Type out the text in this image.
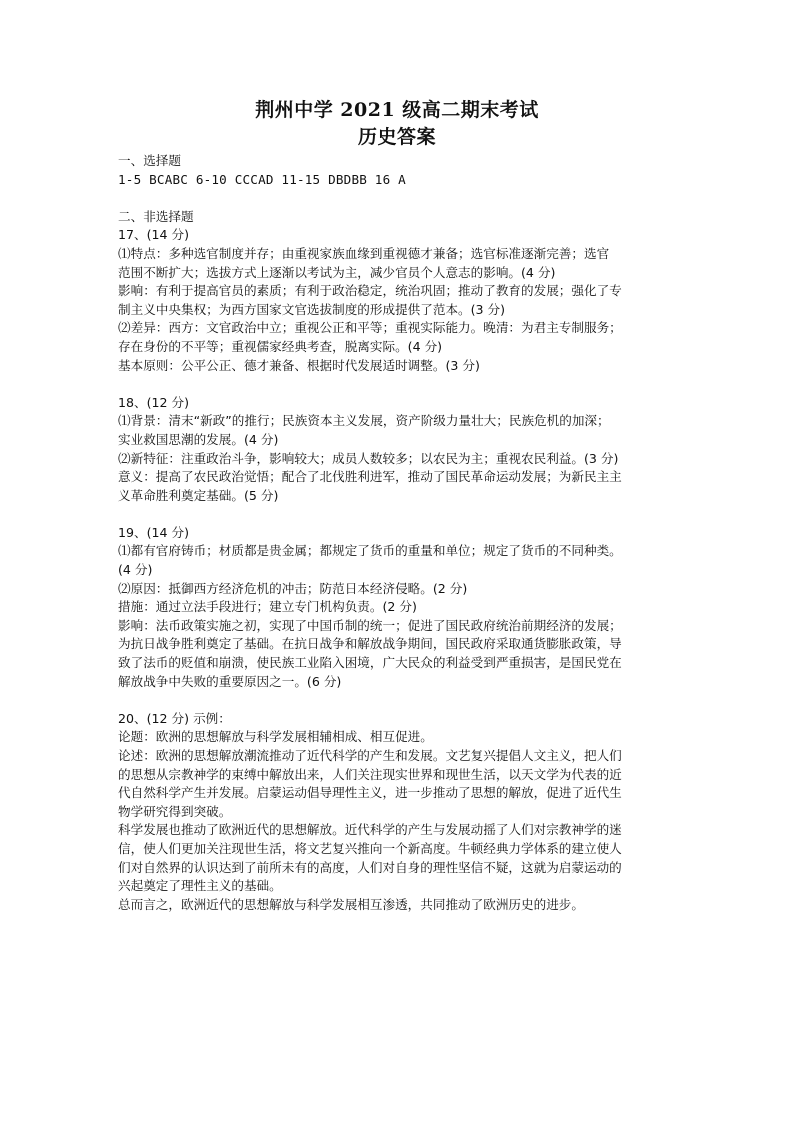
荆州中学 2021 级高二期末考试
历史答案
一、选择题
1-5 BCABC 6-10 CCCAD 11-15 DBDBB 16 A
二、非选择题
17、(14 分)
⑴特点：多种选官制度并存；由重视家族血缘到重视德才兼备；选官标准逐渐完善；选官
范围不断扩大；选拔方式上逐渐以考试为主，减少官员个人意志的影响。(4 分)
影响：有利于提高官员的素质；有利于政治稳定，统治巩固；推动了教育的发展；强化了专
制主义中央集权；为西方国家文官选拔制度的形成提供了范本。(3 分)
⑵差异：西方：文官政治中立；重视公正和平等；重视实际能力。晚清：为君主专制服务；
存在身份的不平等；重视儒家经典考查，脱离实际。(4 分)
基本原则：公平公正、德才兼备、根据时代发展适时调整。(3 分)
18、(12 分)
⑴背景：清末“新政”的推行；民族资本主义发展，资产阶级力量壮大；民族危机的加深；
实业救国思潮的发展。(4 分)
⑵新特征：注重政治斗争，影响较大；成员人数较多；以农民为主；重视农民利益。(3 分)
意义：提高了农民政治觉悟；配合了北伐胜利进军，推动了国民革命运动发展；为新民主主
义革命胜利奠定基础。(5 分)
19、(14 分)
⑴都有官府铸币；材质都是贵金属；都规定了货币的重量和单位；规定了货币的不同种类。
(4 分)
⑵原因：抵御西方经济危机的冲击；防范日本经济侵略。(2 分)
措施：通过立法手段进行；建立专门机构负责。(2 分)
影响：法币政策实施之初，实现了中国币制的统一；促进了国民政府统治前期经济的发展；
为抗日战争胜利奠定了基础。在抗日战争和解放战争期间，国民政府采取通货膨胀政策，导
致了法币的贬值和崩溃，使民族工业陷入困境，广大民众的利益受到严重损害，是国民党在
解放战争中失败的重要原因之一。(6 分)
20、(12 分) 示例：
论题：欧洲的思想解放与科学发展相辅相成、相互促进。
论述：欧洲的思想解放潮流推动了近代科学的产生和发展。文艺复兴提倡人文主义，把人们
的思想从宗教神学的束缚中解放出来，人们关注现实世界和现世生活，以天文学为代表的近
代自然科学产生并发展。启蒙运动倡导理性主义，进一步推动了思想的解放，促进了近代生
物学研究得到突破。
科学发展也推动了欧洲近代的思想解放。近代科学的产生与发展动摇了人们对宗教神学的迷
信，使人们更加关注现世生活，将文艺复兴推向一个新高度。牛顿经典力学体系的建立使人
们对自然界的认识达到了前所未有的高度，人们对自身的理性坚信不疑，这就为启蒙运动的
兴起奠定了理性主义的基础。
总而言之，欧洲近代的思想解放与科学发展相互渗透，共同推动了欧洲历史的进步。
